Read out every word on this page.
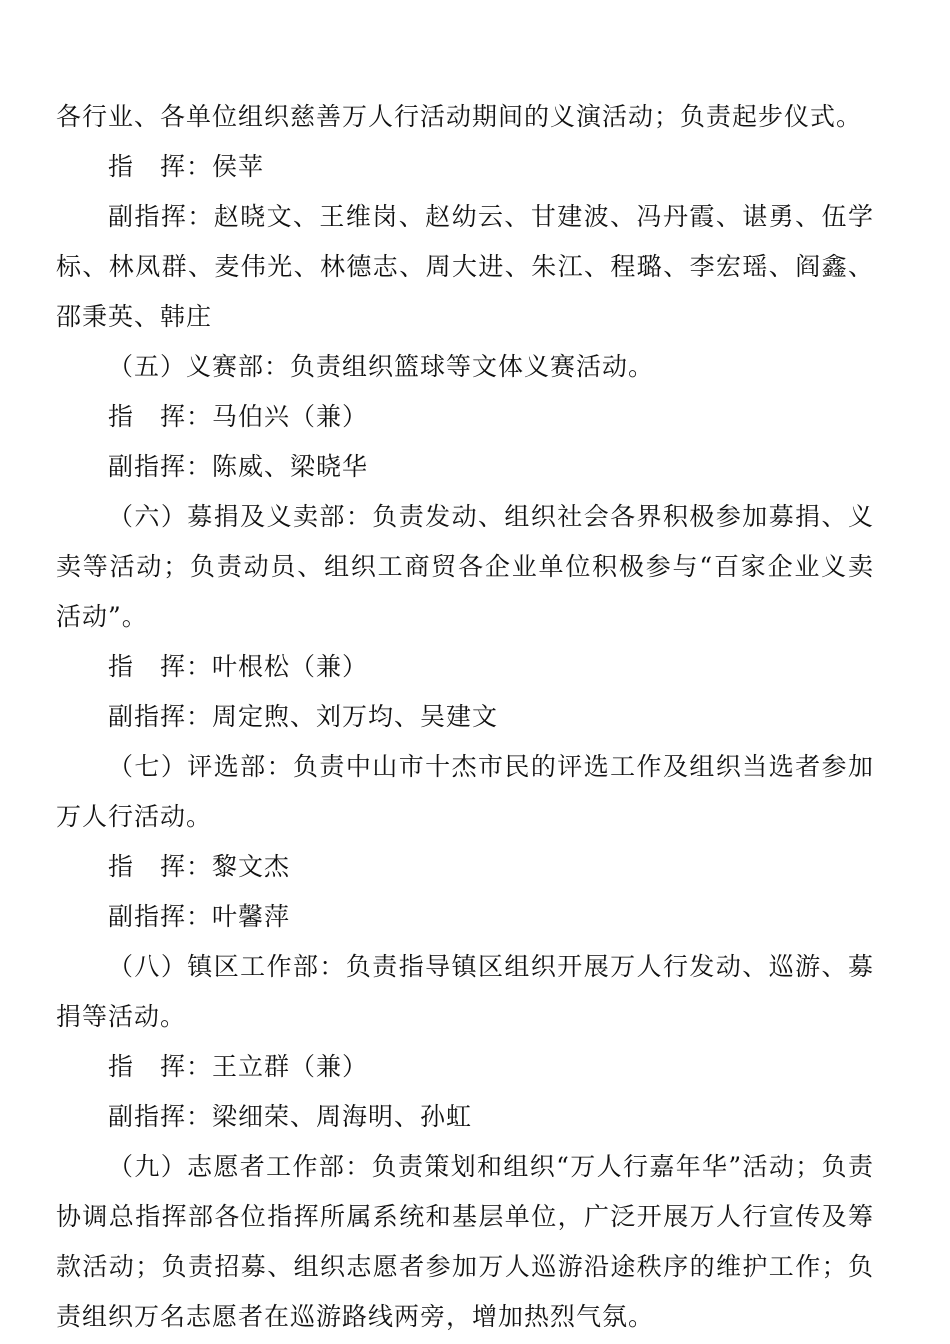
各行业、各单位组织慈善万人行活动期间的义演活动；负责起步仪式。

指　挥：侯苹

副指挥：赵晓文、王维岗、赵幼云、甘建波、冯丹霞、谌勇、伍学标、林凤群、麦伟光、林德志、周大进、朱江、程璐、李宏瑶、阎鑫、邵秉英、韩庄

（五）义赛部：负责组织篮球等文体义赛活动。

指　挥：马伯兴（兼）

副指挥：陈威、梁晓华

（六）募捐及义卖部：负责发动、组织社会各界积极参加募捐、义卖等活动；负责动员、组织工商贸各企业单位积极参与“百家企业义卖活动”。

指　挥：叶根松（兼）

副指挥：周定煦、刘万均、吴建文

（七）评选部：负责中山市十杰市民的评选工作及组织当选者参加万人行活动。

指　挥：黎文杰

副指挥：叶馨萍

（八）镇区工作部：负责指导镇区组织开展万人行发动、巡游、募捐等活动。

指　挥：王立群（兼）

副指挥：梁细荣、周海明、孙虹

（九）志愿者工作部：负责策划和组织“万人行嘉年华”活动；负责协调总指挥部各位指挥所属系统和基层单位，广泛开展万人行宣传及筹款活动；负责招募、组织志愿者参加万人巡游沿途秩序的维护工作；负责组织万名志愿者在巡游路线两旁，增加热烈气氛。
